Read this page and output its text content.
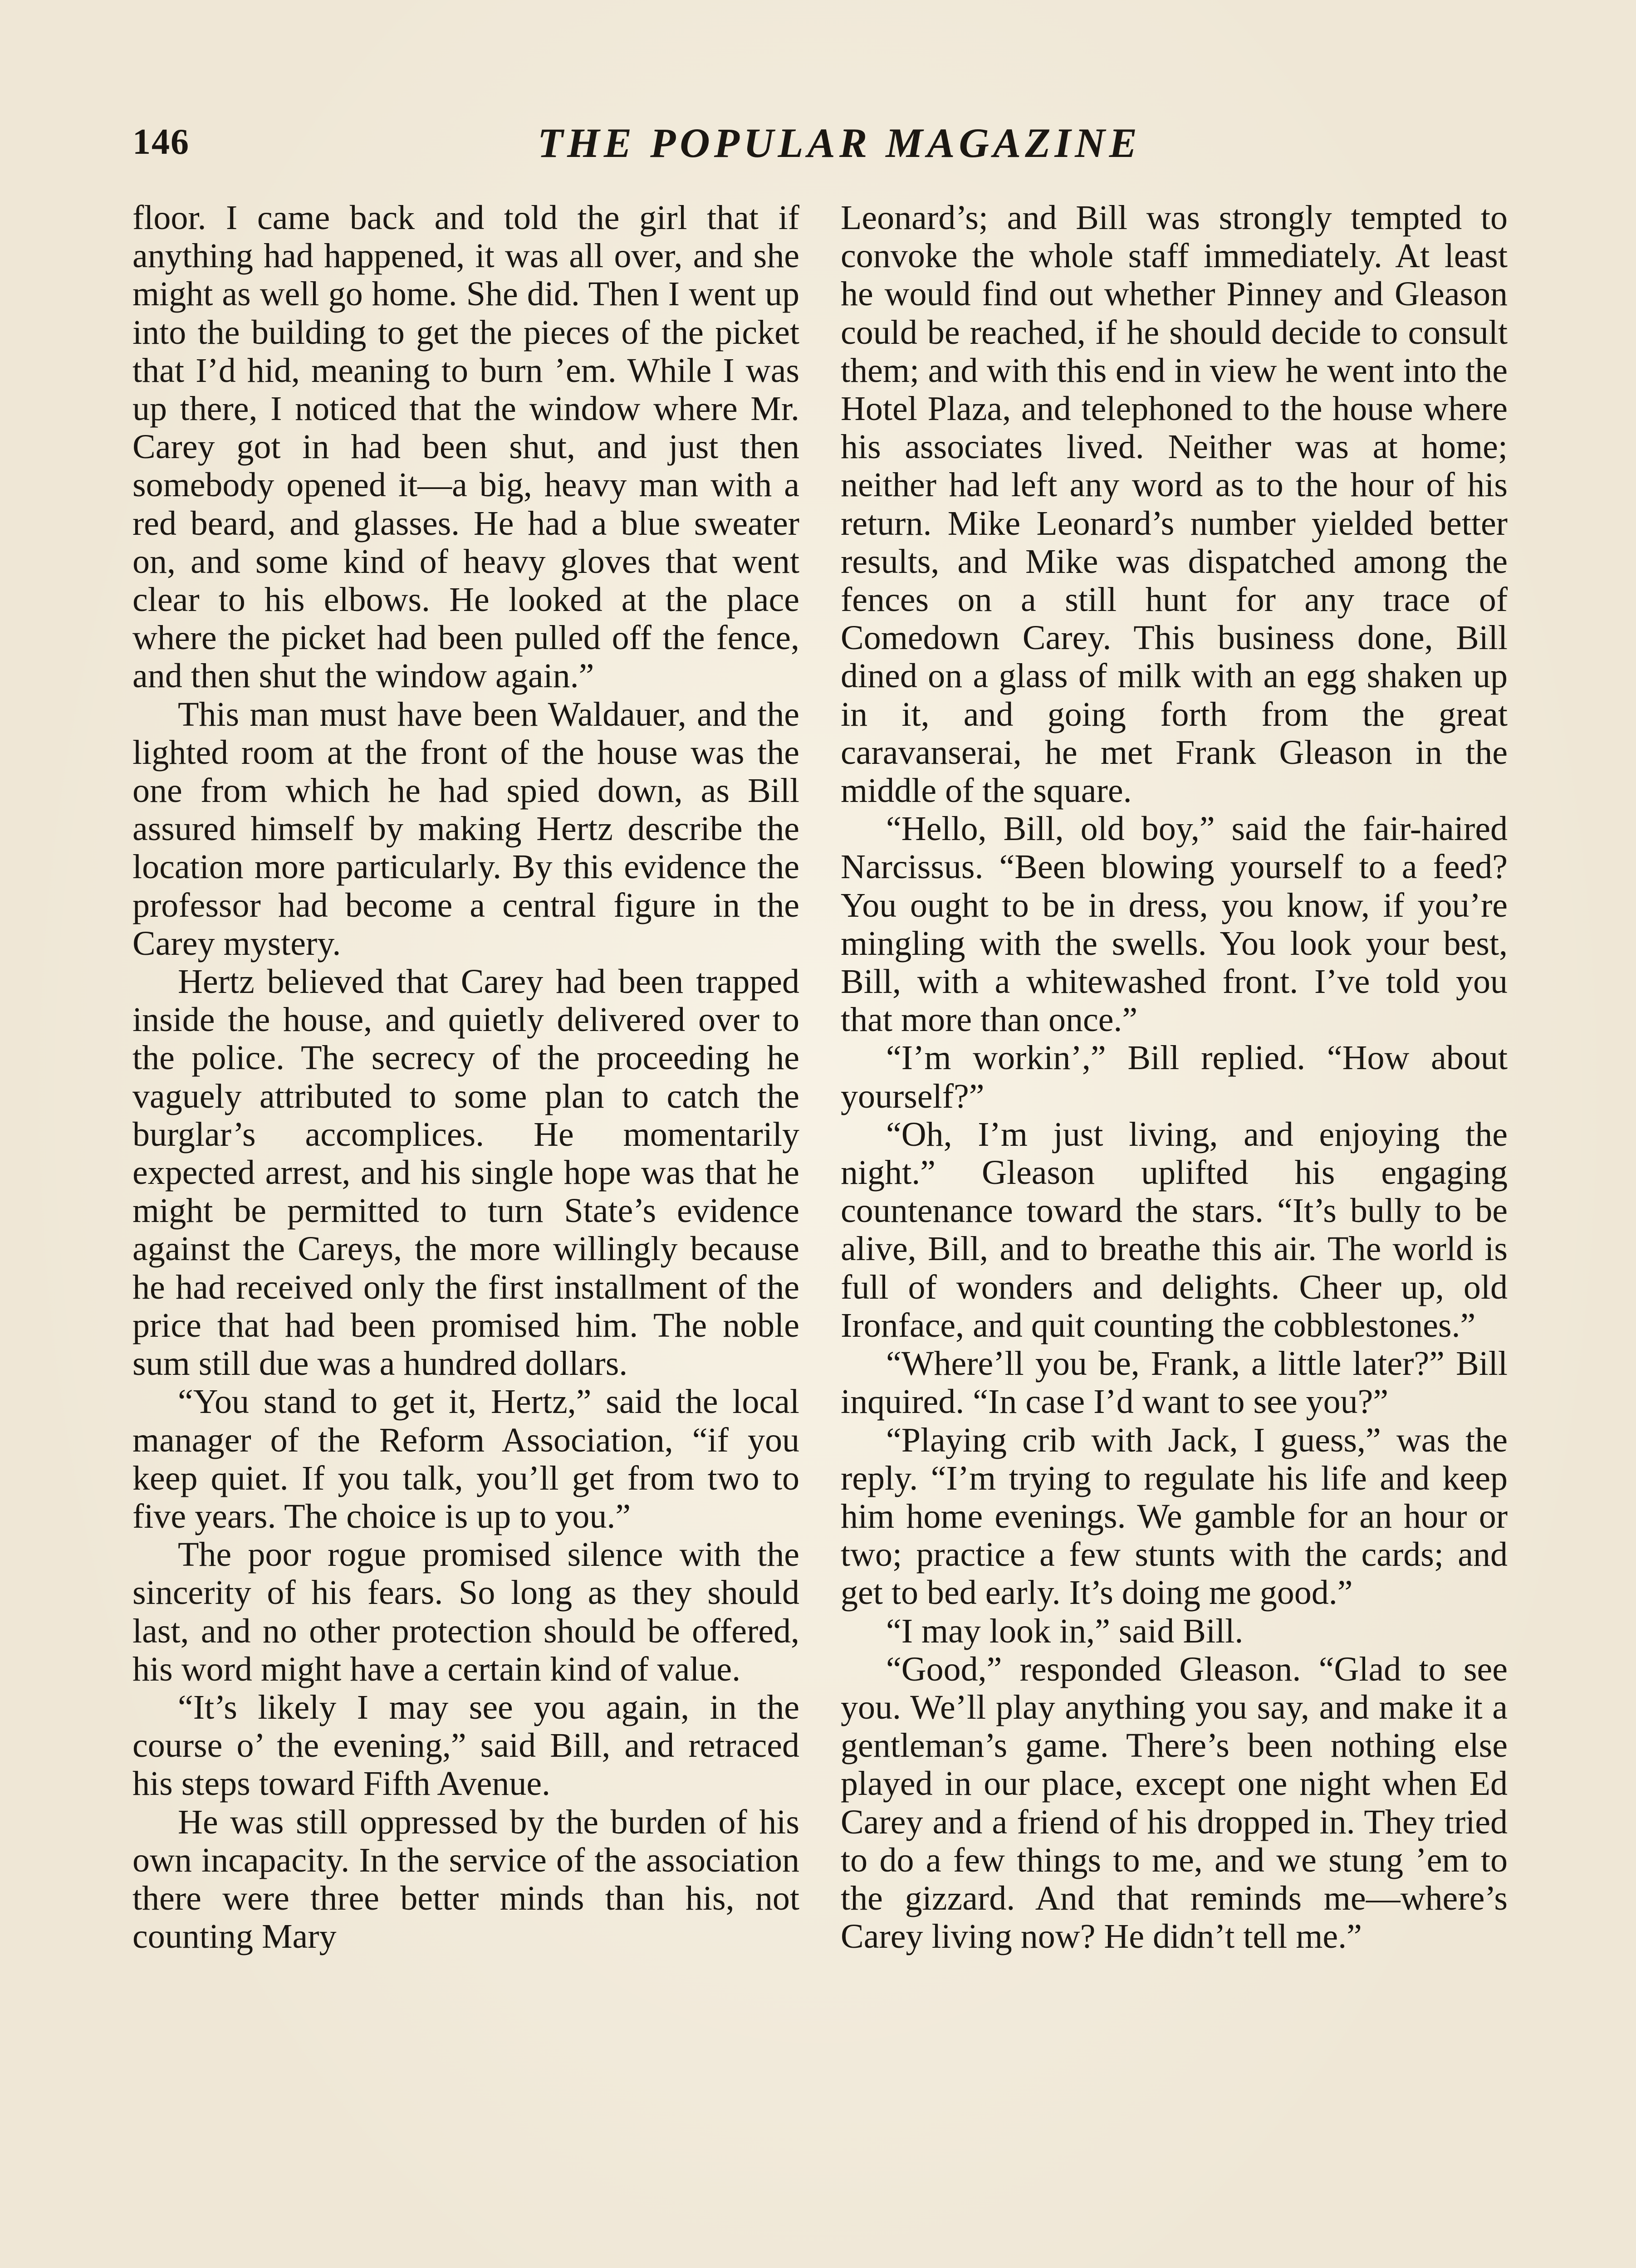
146	THE POPULAR MAGAZINE

floor. I came back and told the girl that if anything had happened, it was all over, and she might as well go home. She did. Then I went up into the building to get the pieces of the picket that I’d hid, meaning to burn ’em. While I was up there, I noticed that the window where Mr. Carey got in had been shut, and just then somebody opened it—a big, heavy man with a red beard, and glasses. He had a blue sweater on, and some kind of heavy gloves that went clear to his elbows. He looked at the place where the picket had been pulled off the fence, and then shut the window again.”

This man must have been Waldauer, and the lighted room at the front of the house was the one from which he had spied down, as Bill assured himself by making Hertz describe the location more particularly. By this evidence the professor had become a central figure in the Carey mystery.

Hertz believed that Carey had been trapped inside the house, and quietly delivered over to the police. The secrecy of the proceeding he vaguely attributed to some plan to catch the burglar’s accomplices. He momentarily expected arrest, and his single hope was that he might be permitted to turn State’s evidence against the Careys, the more willingly because he had received only the first installment of the price that had been promised him. The noble sum still due was a hundred dollars.

“You stand to get it, Hertz,” said the local manager of the Reform Association, “if you keep quiet. If you talk, you’ll get from two to five years. The choice is up to you.”

The poor rogue promised silence with the sincerity of his fears. So long as they should last, and no other protection should be offered, his word might have a certain kind of value.

“It’s likely I may see you again, in the course o’ the evening,” said Bill, and retraced his steps toward Fifth Avenue.

He was still oppressed by the burden of his own incapacity. In the service of the association there were three better minds than his, not counting Mary

Leonard’s; and Bill was strongly tempted to convoke the whole staff immediately. At least he would find out whether Pinney and Gleason could be reached, if he should decide to consult them; and with this end in view he went into the Hotel Plaza, and telephoned to the house where his associates lived. Neither was at home; neither had left any word as to the hour of his return. Mike Leonard’s number yielded better results, and Mike was dispatched among the fences on a still hunt for any trace of Comedown Carey. This business done, Bill dined on a glass of milk with an egg shaken up in it, and going forth from the great caravanserai, he met Frank Gleason in the middle of the square.

“Hello, Bill, old boy,” said the fair-haired Narcissus. “Been blowing yourself to a feed? You ought to be in dress, you know, if you’re mingling with the swells. You look your best, Bill, with a whitewashed front. I’ve told you that more than once.”

“I’m workin’,” Bill replied. “How about yourself?”

“Oh, I’m just living, and enjoying the night.” Gleason uplifted his engaging countenance toward the stars. “It’s bully to be alive, Bill, and to breathe this air. The world is full of wonders and delights. Cheer up, old Ironface, and quit counting the cobblestones.”

“Where’ll you be, Frank, a little later?” Bill inquired. “In case I’d want to see you?”

“Playing crib with Jack, I guess,” was the reply. “I’m trying to regulate his life and keep him home evenings. We gamble for an hour or two; practice a few stunts with the cards; and get to bed early. It’s doing me good.”

“I may look in,” said Bill.

“Good,” responded Gleason. “Glad to see you. We’ll play anything you say, and make it a gentleman’s game. There’s been nothing else played in our place, except one night when Ed Carey and a friend of his dropped in. They tried to do a few things to me, and we stung ’em to the gizzard. And that reminds me—where’s Carey living now? He didn’t tell me.”
